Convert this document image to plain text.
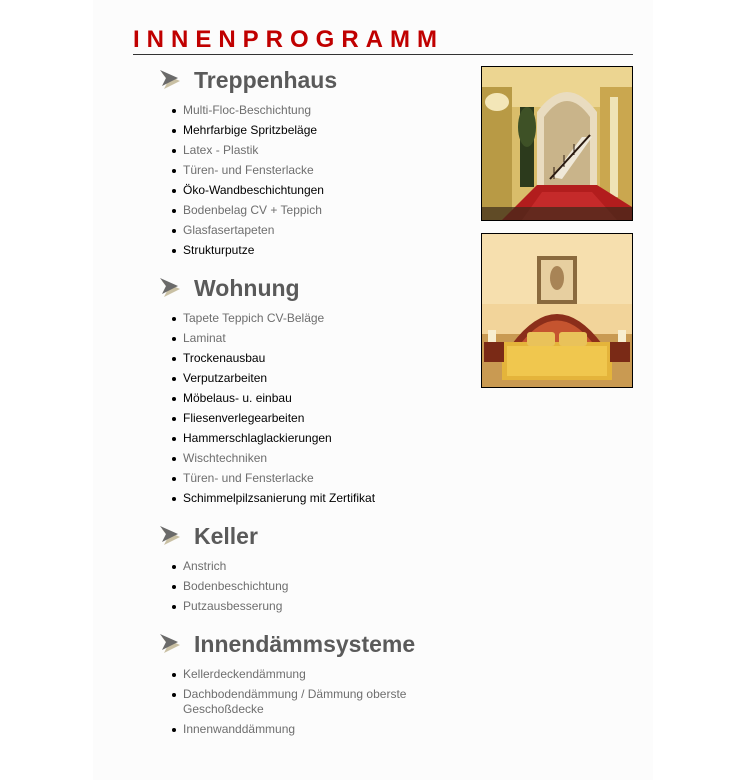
INNENPROGRAMM
Treppenhaus
Multi-Floc-Beschichtung
Mehrfarbige Spritzbeläge
Latex - Plastik
Türen- und Fensterlacke
Öko-Wandbeschichtungen
Bodenbelag CV + Teppich
Glasfasertapeten
Strukturputze
Wohnung
Tapete Teppich CV-Beläge
Laminat
Trockenausbau
Verputzarbeiten
Möbelaus- u. einbau
Fliesenverlegearbeiten
Hammerschlaglackierungen
Wischtechniken
Türen- und Fensterlacke
Schimmelpilzsanierung mit Zertifikat
Keller
Anstrich
Bodenbeschichtung
Putzausbesserung
Innendämmsysteme
Kellerdeckendämmung
Dachbodendämmung / Dämmung oberste Geschoßdecke
Innenwanddämmung
